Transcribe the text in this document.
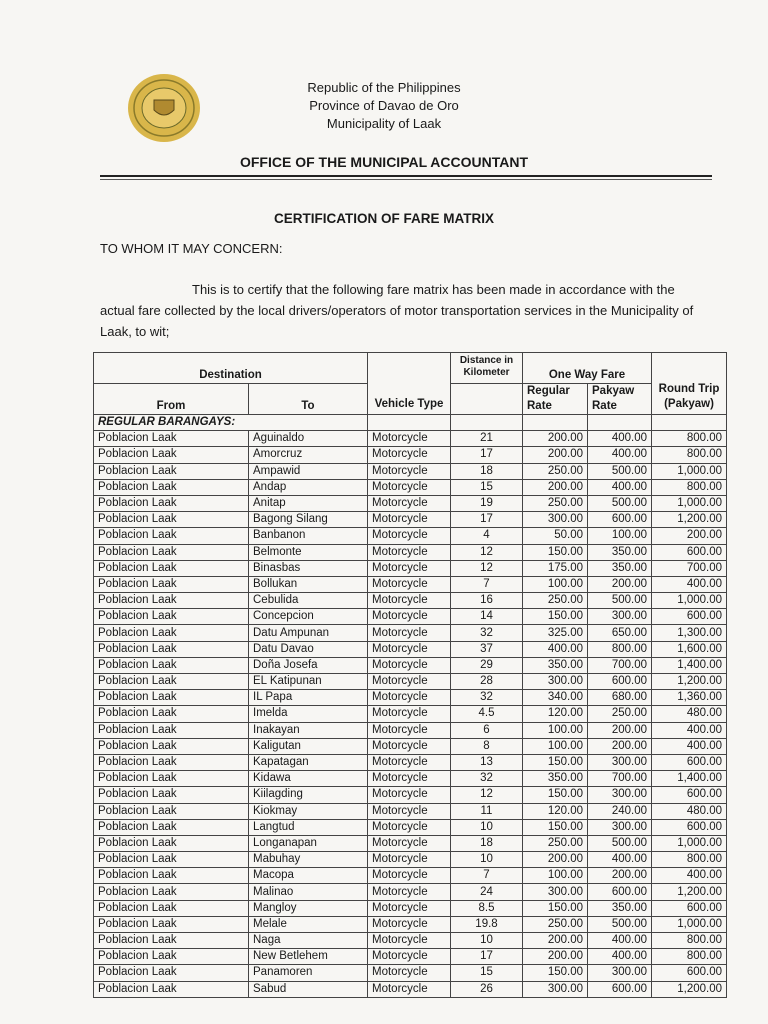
Republic of the Philippines
Province of Davao de Oro
Municipality of Laak
OFFICE OF THE MUNICIPAL ACCOUNTANT
CERTIFICATION OF FARE MATRIX
TO WHOM IT MAY CONCERN:
This is to certify that the following fare matrix has been made in accordance with the actual fare collected by the local drivers/operators of motor transportation services in the Municipality of Laak, to wit;
Destination		Vehicle Type	Distance in Kilometer	One Way Fare		Round Trip (Pakyaw)
From	To			Regular Rate	Pakyaw Rate	
REGULAR BARANGAYS:						
Poblacion Laak	Aguinaldo	Motorcycle	21	200.00	400.00	800.00
Poblacion Laak	Amorcruz	Motorcycle	17	200.00	400.00	800.00
Poblacion Laak	Ampawid	Motorcycle	18	250.00	500.00	1,000.00
Poblacion Laak	Andap	Motorcycle	15	200.00	400.00	800.00
Poblacion Laak	Anitap	Motorcycle	19	250.00	500.00	1,000.00
Poblacion Laak	Bagong Silang	Motorcycle	17	300.00	600.00	1,200.00
Poblacion Laak	Banbanon	Motorcycle	4	50.00	100.00	200.00
Poblacion Laak	Belmonte	Motorcycle	12	150.00	350.00	600.00
Poblacion Laak	Binasbas	Motorcycle	12	175.00	350.00	700.00
Poblacion Laak	Bollukan	Motorcycle	7	100.00	200.00	400.00
Poblacion Laak	Cebulida	Motorcycle	16	250.00	500.00	1,000.00
Poblacion Laak	Concepcion	Motorcycle	14	150.00	300.00	600.00
Poblacion Laak	Datu Ampunan	Motorcycle	32	325.00	650.00	1,300.00
Poblacion Laak	Datu Davao	Motorcycle	37	400.00	800.00	1,600.00
Poblacion Laak	Doña Josefa	Motorcycle	29	350.00	700.00	1,400.00
Poblacion Laak	EL Katipunan	Motorcycle	28	300.00	600.00	1,200.00
Poblacion Laak	IL Papa	Motorcycle	32	340.00	680.00	1,360.00
Poblacion Laak	Imelda	Motorcycle	4.5	120.00	250.00	480.00
Poblacion Laak	Inakayan	Motorcycle	6	100.00	200.00	400.00
Poblacion Laak	Kaligutan	Motorcycle	8	100.00	200.00	400.00
Poblacion Laak	Kapatagan	Motorcycle	13	150.00	300.00	600.00
Poblacion Laak	Kidawa	Motorcycle	32	350.00	700.00	1,400.00
Poblacion Laak	Kiilagding	Motorcycle	12	150.00	300.00	600.00
Poblacion Laak	Kiokmay	Motorcycle	11	120.00	240.00	480.00
Poblacion Laak	Langtud	Motorcycle	10	150.00	300.00	600.00
Poblacion Laak	Longanapan	Motorcycle	18	250.00	500.00	1,000.00
Poblacion Laak	Mabuhay	Motorcycle	10	200.00	400.00	800.00
Poblacion Laak	Macopa	Motorcycle	7	100.00	200.00	400.00
Poblacion Laak	Malinao	Motorcycle	24	300.00	600.00	1,200.00
Poblacion Laak	Mangloy	Motorcycle	8.5	150.00	350.00	600.00
Poblacion Laak	Melale	Motorcycle	19.8	250.00	500.00	1,000.00
Poblacion Laak	Naga	Motorcycle	10	200.00	400.00	800.00
Poblacion Laak	New Betlehem	Motorcycle	17	200.00	400.00	800.00
Poblacion Laak	Panamoren	Motorcycle	15	150.00	300.00	600.00
Poblacion Laak	Sabud	Motorcycle	26	300.00	600.00	1,200.00
